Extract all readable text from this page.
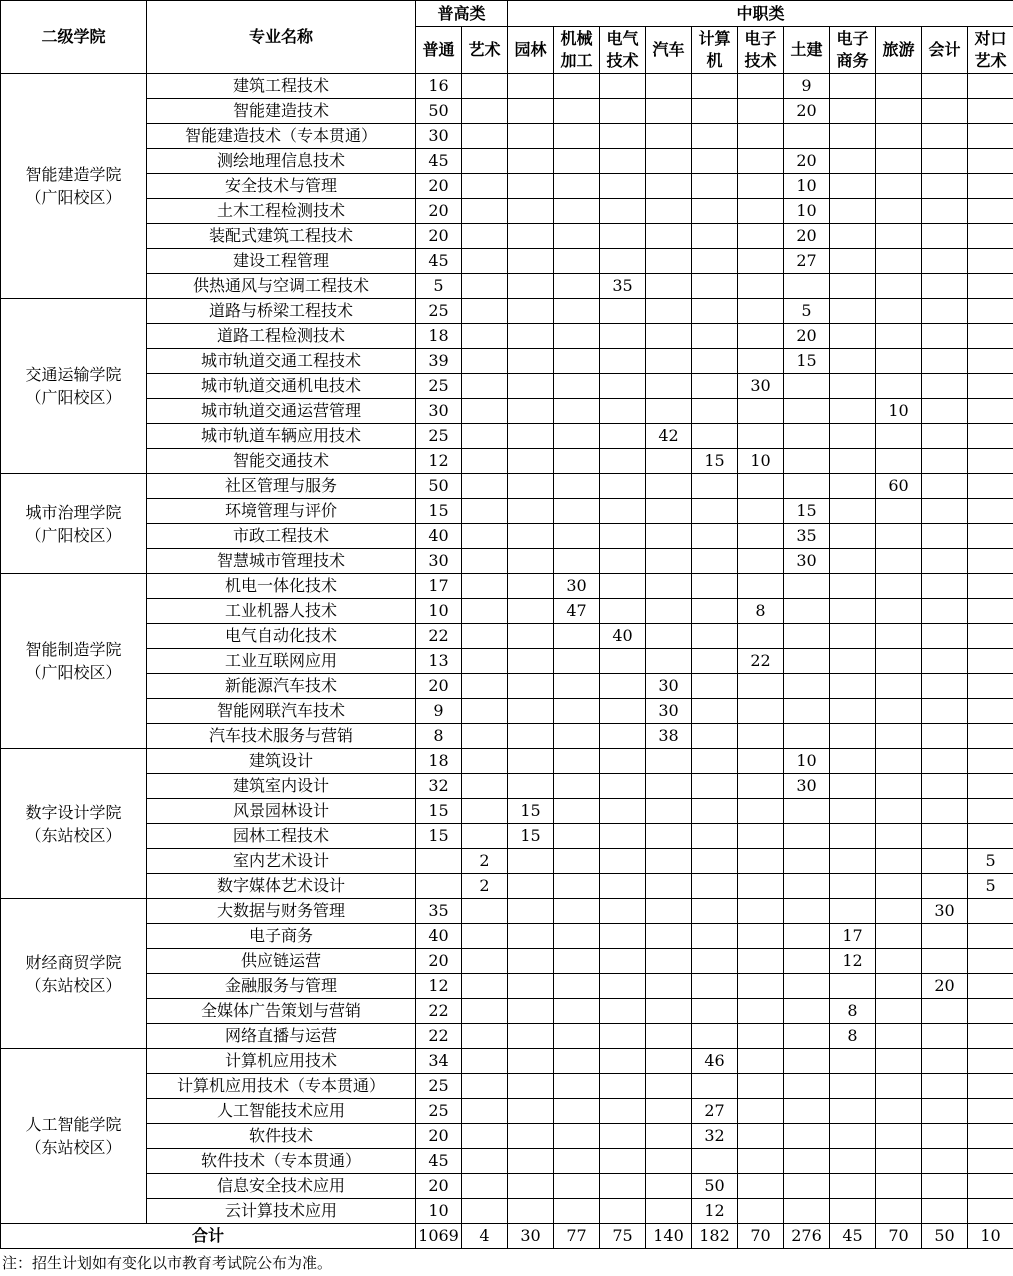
二级学院	专业名称	普高类		中职类										
		普通	艺术	园林	机械加工	电气技术	汽车	计算机	电子技术	土建	电子商务	旅游	会计	对口艺术

智能建造学院
（广阳校区）	建筑工程技术	16								9				
	智能建造技术	50								20				
	智能建造技术（专本贯通）	30												
	测绘地理信息技术	45								20				
	安全技术与管理	20								10				
	土木工程检测技术	20								10				
	装配式建筑工程技术	20								20				
	建设工程管理	45								27				
	供热通风与空调工程技术	5				35								

交通运输学院
（广阳校区）	道路与桥梁工程技术	25								5				
	道路工程检测技术	18								20				
	城市轨道交通工程技术	39								15				
	城市轨道交通机电技术	25							30					
	城市轨道交通运营管理	30										10		
	城市轨道车辆应用技术	25					42							
	智能交通技术	12						15	10					

城市治理学院
（广阳校区）	社区管理与服务	50										60		
	环境管理与评价	15								15				
	市政工程技术	40								35				
	智慧城市管理技术	30								30				

智能制造学院
（广阳校区）	机电一体化技术	17			30									
	工业机器人技术	10			47				8					
	电气自动化技术	22				40								
	工业互联网应用	13							22					
	新能源汽车技术	20					30							
	智能网联汽车技术	9					30							
	汽车技术服务与营销	8					38							

数字设计学院
（东站校区）	建筑设计	18								10				
	建筑室内设计	32								30				
	风景园林设计	15		15										
	园林工程技术	15		15										
	室内艺术设计		2											5
	数字媒体艺术设计		2											5

财经商贸学院
（东站校区）	大数据与财务管理	35											30	
	电子商务	40									17			
	供应链运营	20									12			
	金融服务与管理	12											20	
	全媒体广告策划与营销	22									8			
	网络直播与运营	22									8			

人工智能学院
（东站校区）	计算机应用技术	34						46						
	计算机应用技术（专本贯通）	25												
	人工智能技术应用	25						27						
	软件技术	20						32						
	软件技术（专本贯通）	45												
	信息安全技术应用	20						50						
	云计算技术应用	10						12						
合计		1069	4	30	77	75	140	182	70	276	45	70	50	10
注：招生计划如有变化以市教育考试院公布为准。
